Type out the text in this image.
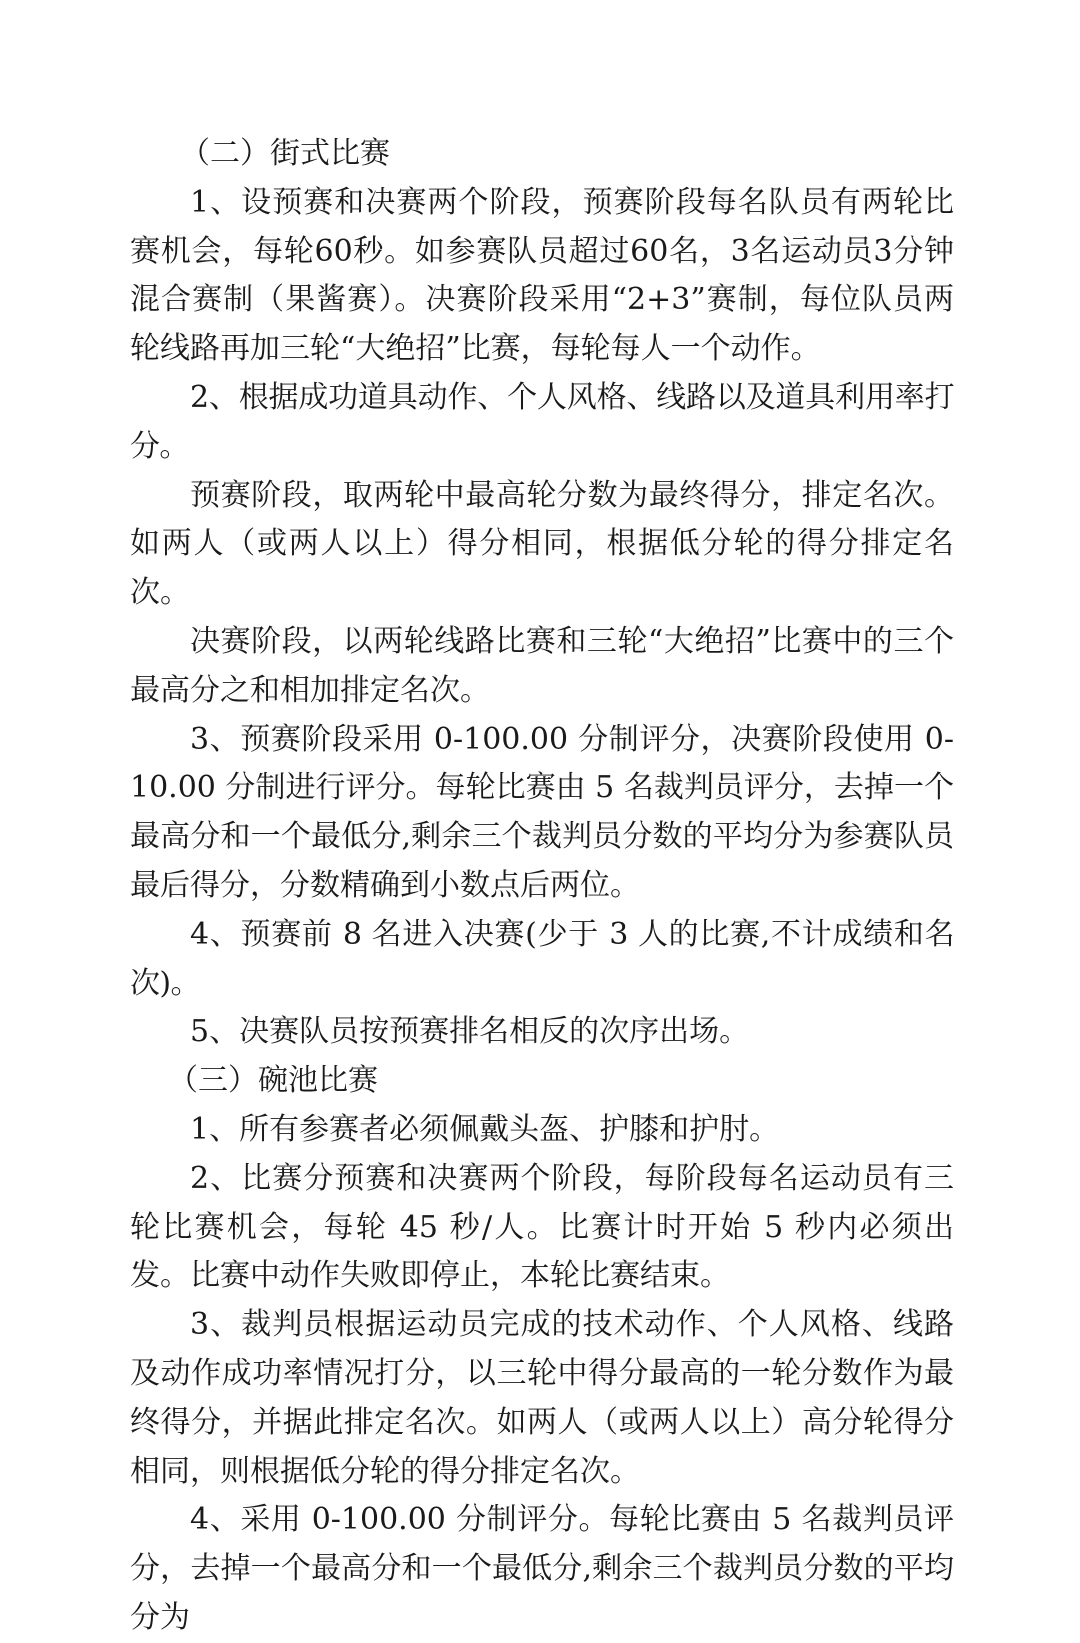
（二）街式比赛

1、设预赛和决赛两个阶段，预赛阶段每名队员有两轮比赛机会，每轮60秒。如参赛队员超过60名，3名运动员3分钟混合赛制（果酱赛）。决赛阶段采用“2+3”赛制，每位队员两轮线路再加三轮“大绝招”比赛，每轮每人一个动作。

2、根据成功道具动作、个人风格、线路以及道具利用率打分。

预赛阶段，取两轮中最高轮分数为最终得分，排定名次。如两人（或两人以上）得分相同，根据低分轮的得分排定名次。

决赛阶段，以两轮线路比赛和三轮“大绝招”比赛中的三个最高分之和相加排定名次。

3、预赛阶段采用 0-100.00 分制评分，决赛阶段使用 0-10.00 分制进行评分。每轮比赛由 5 名裁判员评分，去掉一个最高分和一个最低分,剩余三个裁判员分数的平均分为参赛队员最后得分，分数精确到小数点后两位。

4、预赛前 8 名进入决赛(少于 3 人的比赛,不计成绩和名次)。

5、决赛队员按预赛排名相反的次序出场。

（三）碗池比赛

1、所有参赛者必须佩戴头盔、护膝和护肘。

2、比赛分预赛和决赛两个阶段，每阶段每名运动员有三轮比赛机会，每轮 45 秒/人。比赛计时开始 5 秒内必须出发。比赛中动作失败即停止，本轮比赛结束。

3、裁判员根据运动员完成的技术动作、个人风格、线路及动作成功率情况打分，以三轮中得分最高的一轮分数作为最终得分，并据此排定名次。如两人（或两人以上）高分轮得分相同，则根据低分轮的得分排定名次。

4、采用 0-100.00 分制评分。每轮比赛由 5 名裁判员评分，去掉一个最高分和一个最低分,剩余三个裁判员分数的平均分为
